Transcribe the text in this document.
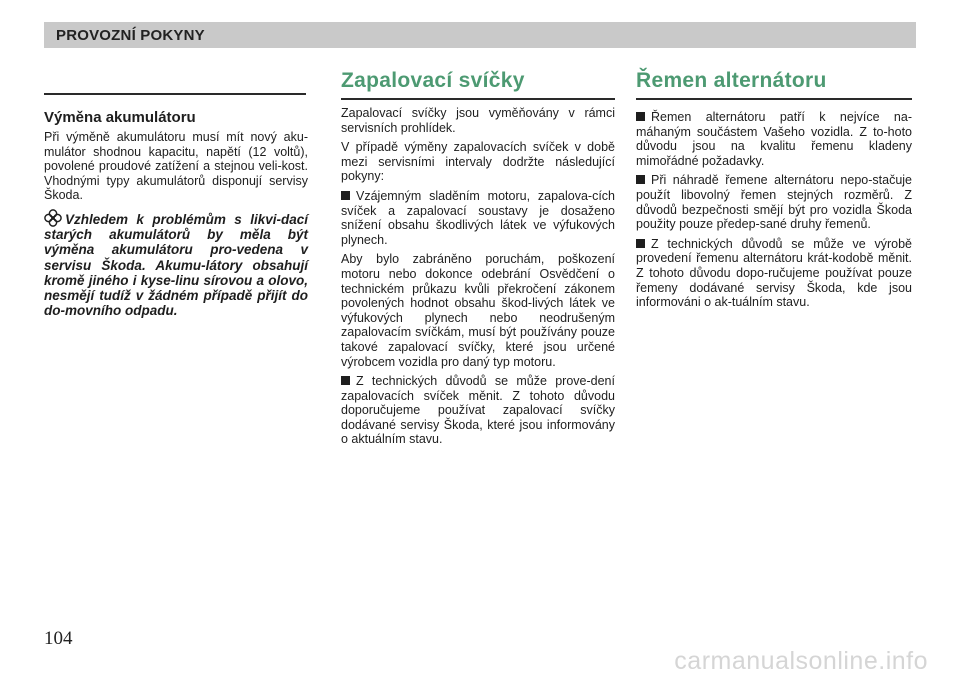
PROVOZNÍ POKYNY
Výměna akumulátoru

Při výměně akumulátoru musí mít nový aku-mulátor shodnou kapacitu, napětí (12 voltů), povolené proudové zatížení a stejnou veli-kost. Vhodnými typy akumulátorů disponují servisy Škoda.

Vzhledem k problémům s likvi-dací starých akumulátorů by měla být výměna akumulátoru pro-vedena v servisu Škoda. Akumu-látory obsahují kromě jiného i kyse-linu sírovou a olovo, nesmějí tudíž v žádném případě přijít do do-movního odpadu.
Zapalovací svíčky

Zapalovací svíčky jsou vyměňovány v rámci servisních prohlídek.

V případě výměny zapalovacích svíček v době mezi servisními intervaly dodržte následující pokyny:

Vzájemným sladěním motoru, zapalova-cích svíček a zapalovací soustavy je dosaženo snížení obsahu škodlivých látek ve výfukových plynech.

Aby bylo zabráněno poruchám, poškození motoru nebo dokonce odebrání Osvědčení o technickém průkazu kvůli překročení zákonem povolených hodnot obsahu škod-livých látek ve výfukových plynech nebo neodrušeným zapalovacím svíčkám, musí být používány pouze takové zapalovací svíčky, které jsou určené výrobcem vozidla pro daný typ motoru.

Z technických důvodů se může prove-dení zapalovacích svíček měnit. Z tohoto důvodu doporučujeme používat zapalovací svíčky dodávané servisy Škoda, které jsou informovány o aktuálním stavu.

Řemen alternátoru

Řemen alternátoru patří k nejvíce na-máhaným součástem Vašeho vozidla. Z to-hoto důvodu jsou na kvalitu řemenu kladeny mimořádné požadavky.

Při náhradě řemene alternátoru nepo-stačuje použít libovolný řemen stejných rozměrů. Z důvodů bezpečnosti smějí být pro vozidla Škoda použity pouze předep-sané druhy řemenů.

Z technických důvodů se může ve výrobě provedení řemenu alternátoru krát-kodobě měnit. Z tohoto důvodu dopo-ručujeme používat pouze řemeny dodávané servisy Škoda, kde jsou informováni o ak-tuálním stavu.

104
carmanualsonline.info
